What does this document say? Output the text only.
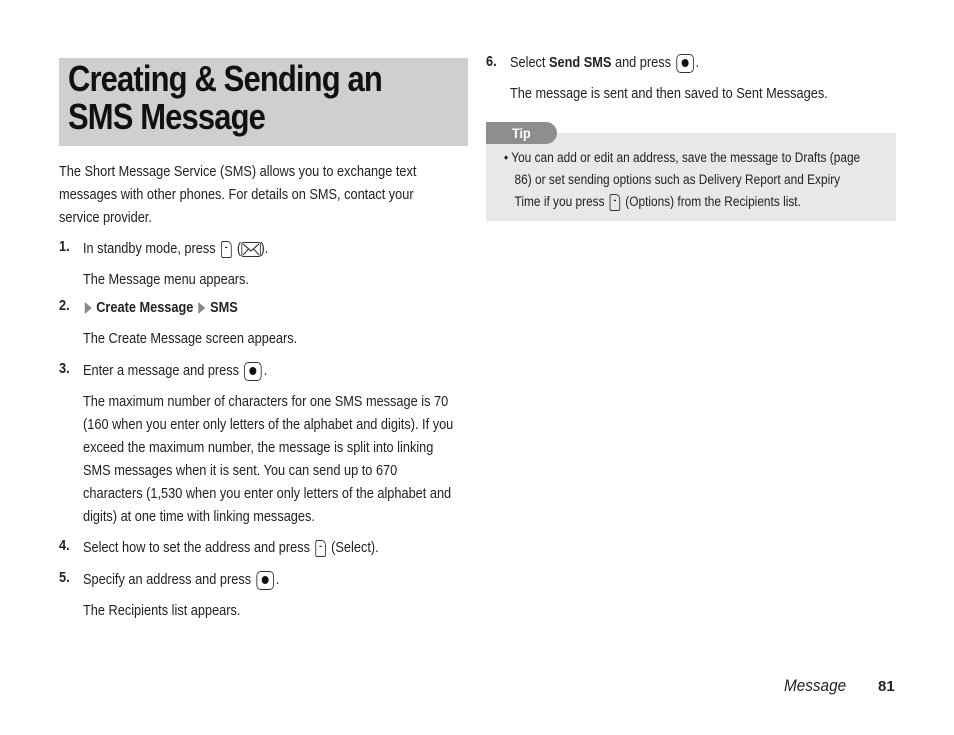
Creating & Sending an
SMS Message
The Short Message Service (SMS) allows you to exchange text
messages with other phones. For details on SMS, contact your
service provider.
1. In standby mode, press - ( ).
The Message menu appears.
2.	Create Message SMS
The Create Message screen appears.
3. Enter a message and press .
The maximum number of characters for one SMS message is 70
(160 when you enter only letters of the alphabet and digits). If you
exceed the maximum number, the message is split into linking
SMS messages when it is sent. You can send up to 670
characters (1,530 when you enter only letters of the alphabet and
digits) at one time with linking messages.
4. Select how to set the address and press - (Select).
5. Specify an address and press .
The Recipients list appears.
6. Select Send SMS and press .
The message is sent and then saved to Sent Messages.
Tip
• You can add or edit an address, save the message to Drafts (page
86) or set sending options such as Delivery Report and Expiry
Time if you press - (Options) from the Recipients list.
Message 81
